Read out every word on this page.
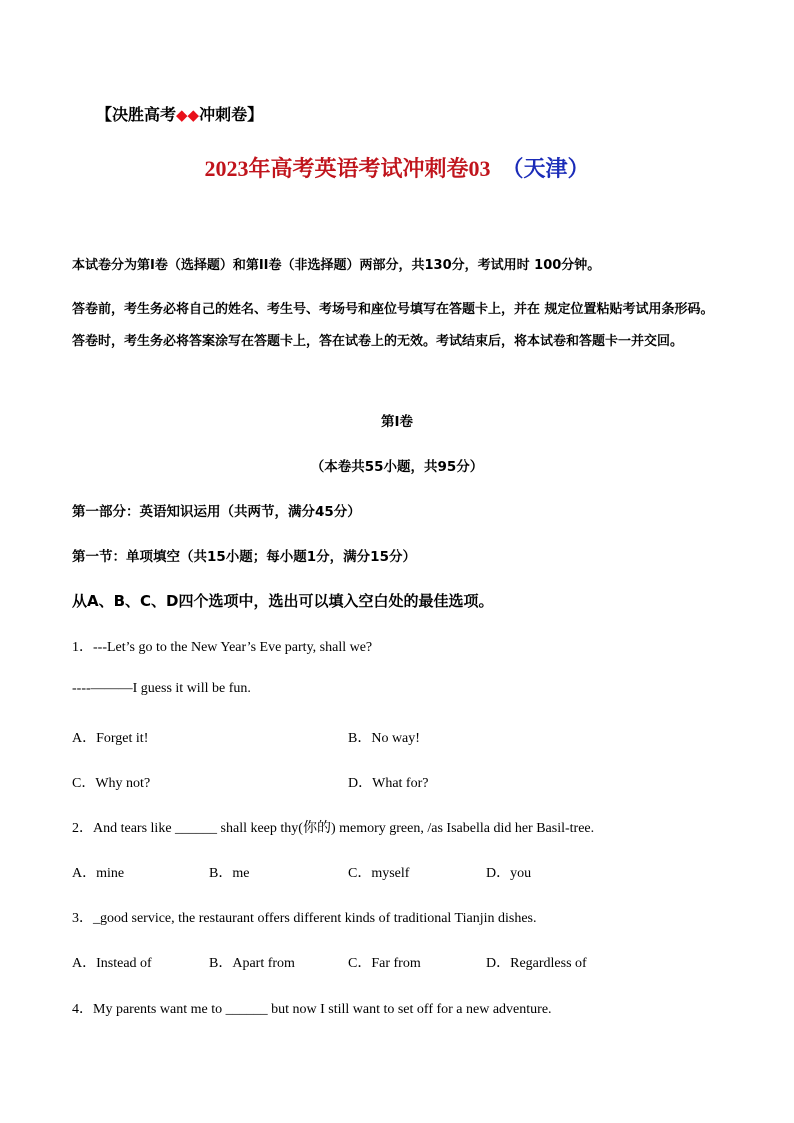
【决胜高考◆◆冲刺卷】
2023年高考英语考试冲刺卷03 （天津）
本试卷分为第I卷（选择题）和第II卷（非选择题）两部分，共130分，考试用时 100分钟。
答卷前，考生务必将自己的姓名、考生号、考场号和座位号填写在答题卡上，并在 规定位置粘贴考试用条形码。答卷时，考生务必将答案涂写在答题卡上，答在试卷上的无效。考试结束后，将本试卷和答题卡一并交回。
第I卷
（本卷共55小题，共95分）
第一部分：英语知识运用（共两节，满分45分）
第一节：单项填空（共15小题；每小题1分，满分15分）
从A、B、C、D四个选项中，选出可以填入空白处的最佳选项。
1．---Let’s go to the New Year’s Eve party, shall we?
----———I guess it will be fun.
A．Forget it!	B．No way!
C．Why not?	D．What for?
2．And tears like ______ shall keep thy(你的) memory green, /as Isabella did her Basil-tree.
A．mine	B．me	C．myself	D．you
3．_good service, the restaurant offers different kinds of traditional Tianjin dishes.
A．Instead of	B．Apart from	C．Far from	D．Regardless of
4．My parents want me to ______ but now I still want to set off for a new adventure.
